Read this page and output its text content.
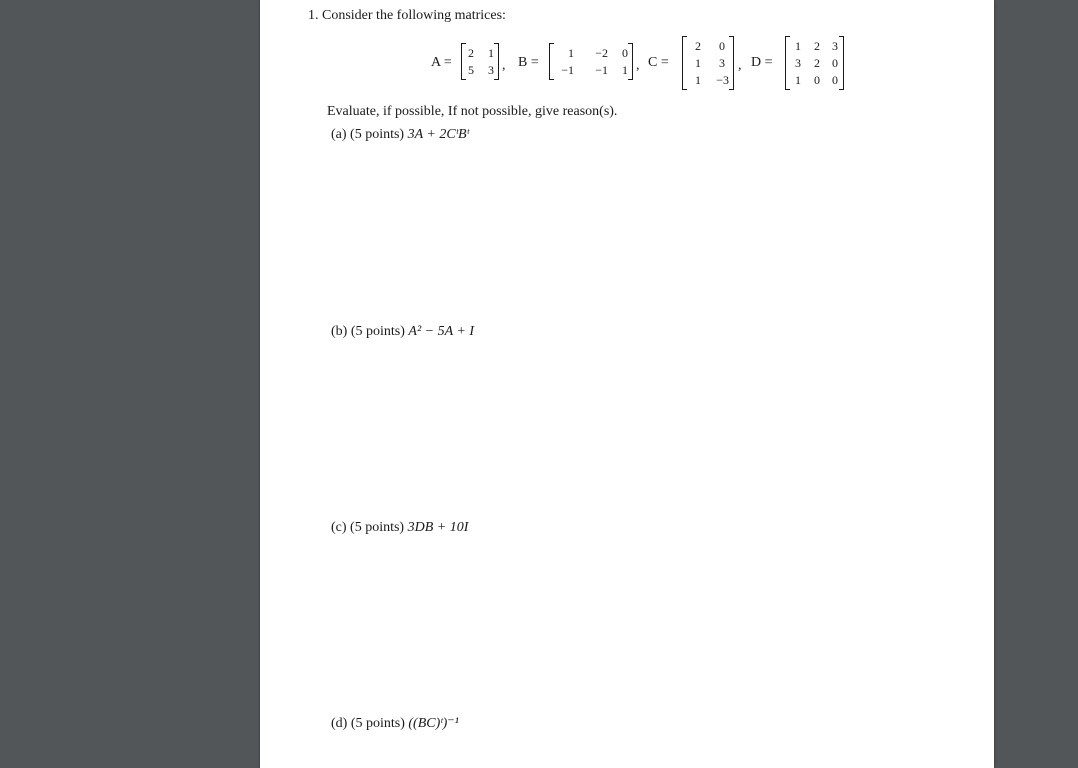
1. Consider the following matrices:
A =
2 1
5 3 , B =
1 −2 0
−1 −1 1 , C =
2 0
1 3
1 −3
, D =
1 2 3
3 2 0
1 0 0
Evaluate, if possible, If not possible, give reason(s).
(a) (5 points) 3A + 2CᵗBᵗ
(b) (5 points) A² − 5A + I
(c) (5 points) 3DB + 10I
(d) (5 points) ((BC)ᵗ)⁻¹
